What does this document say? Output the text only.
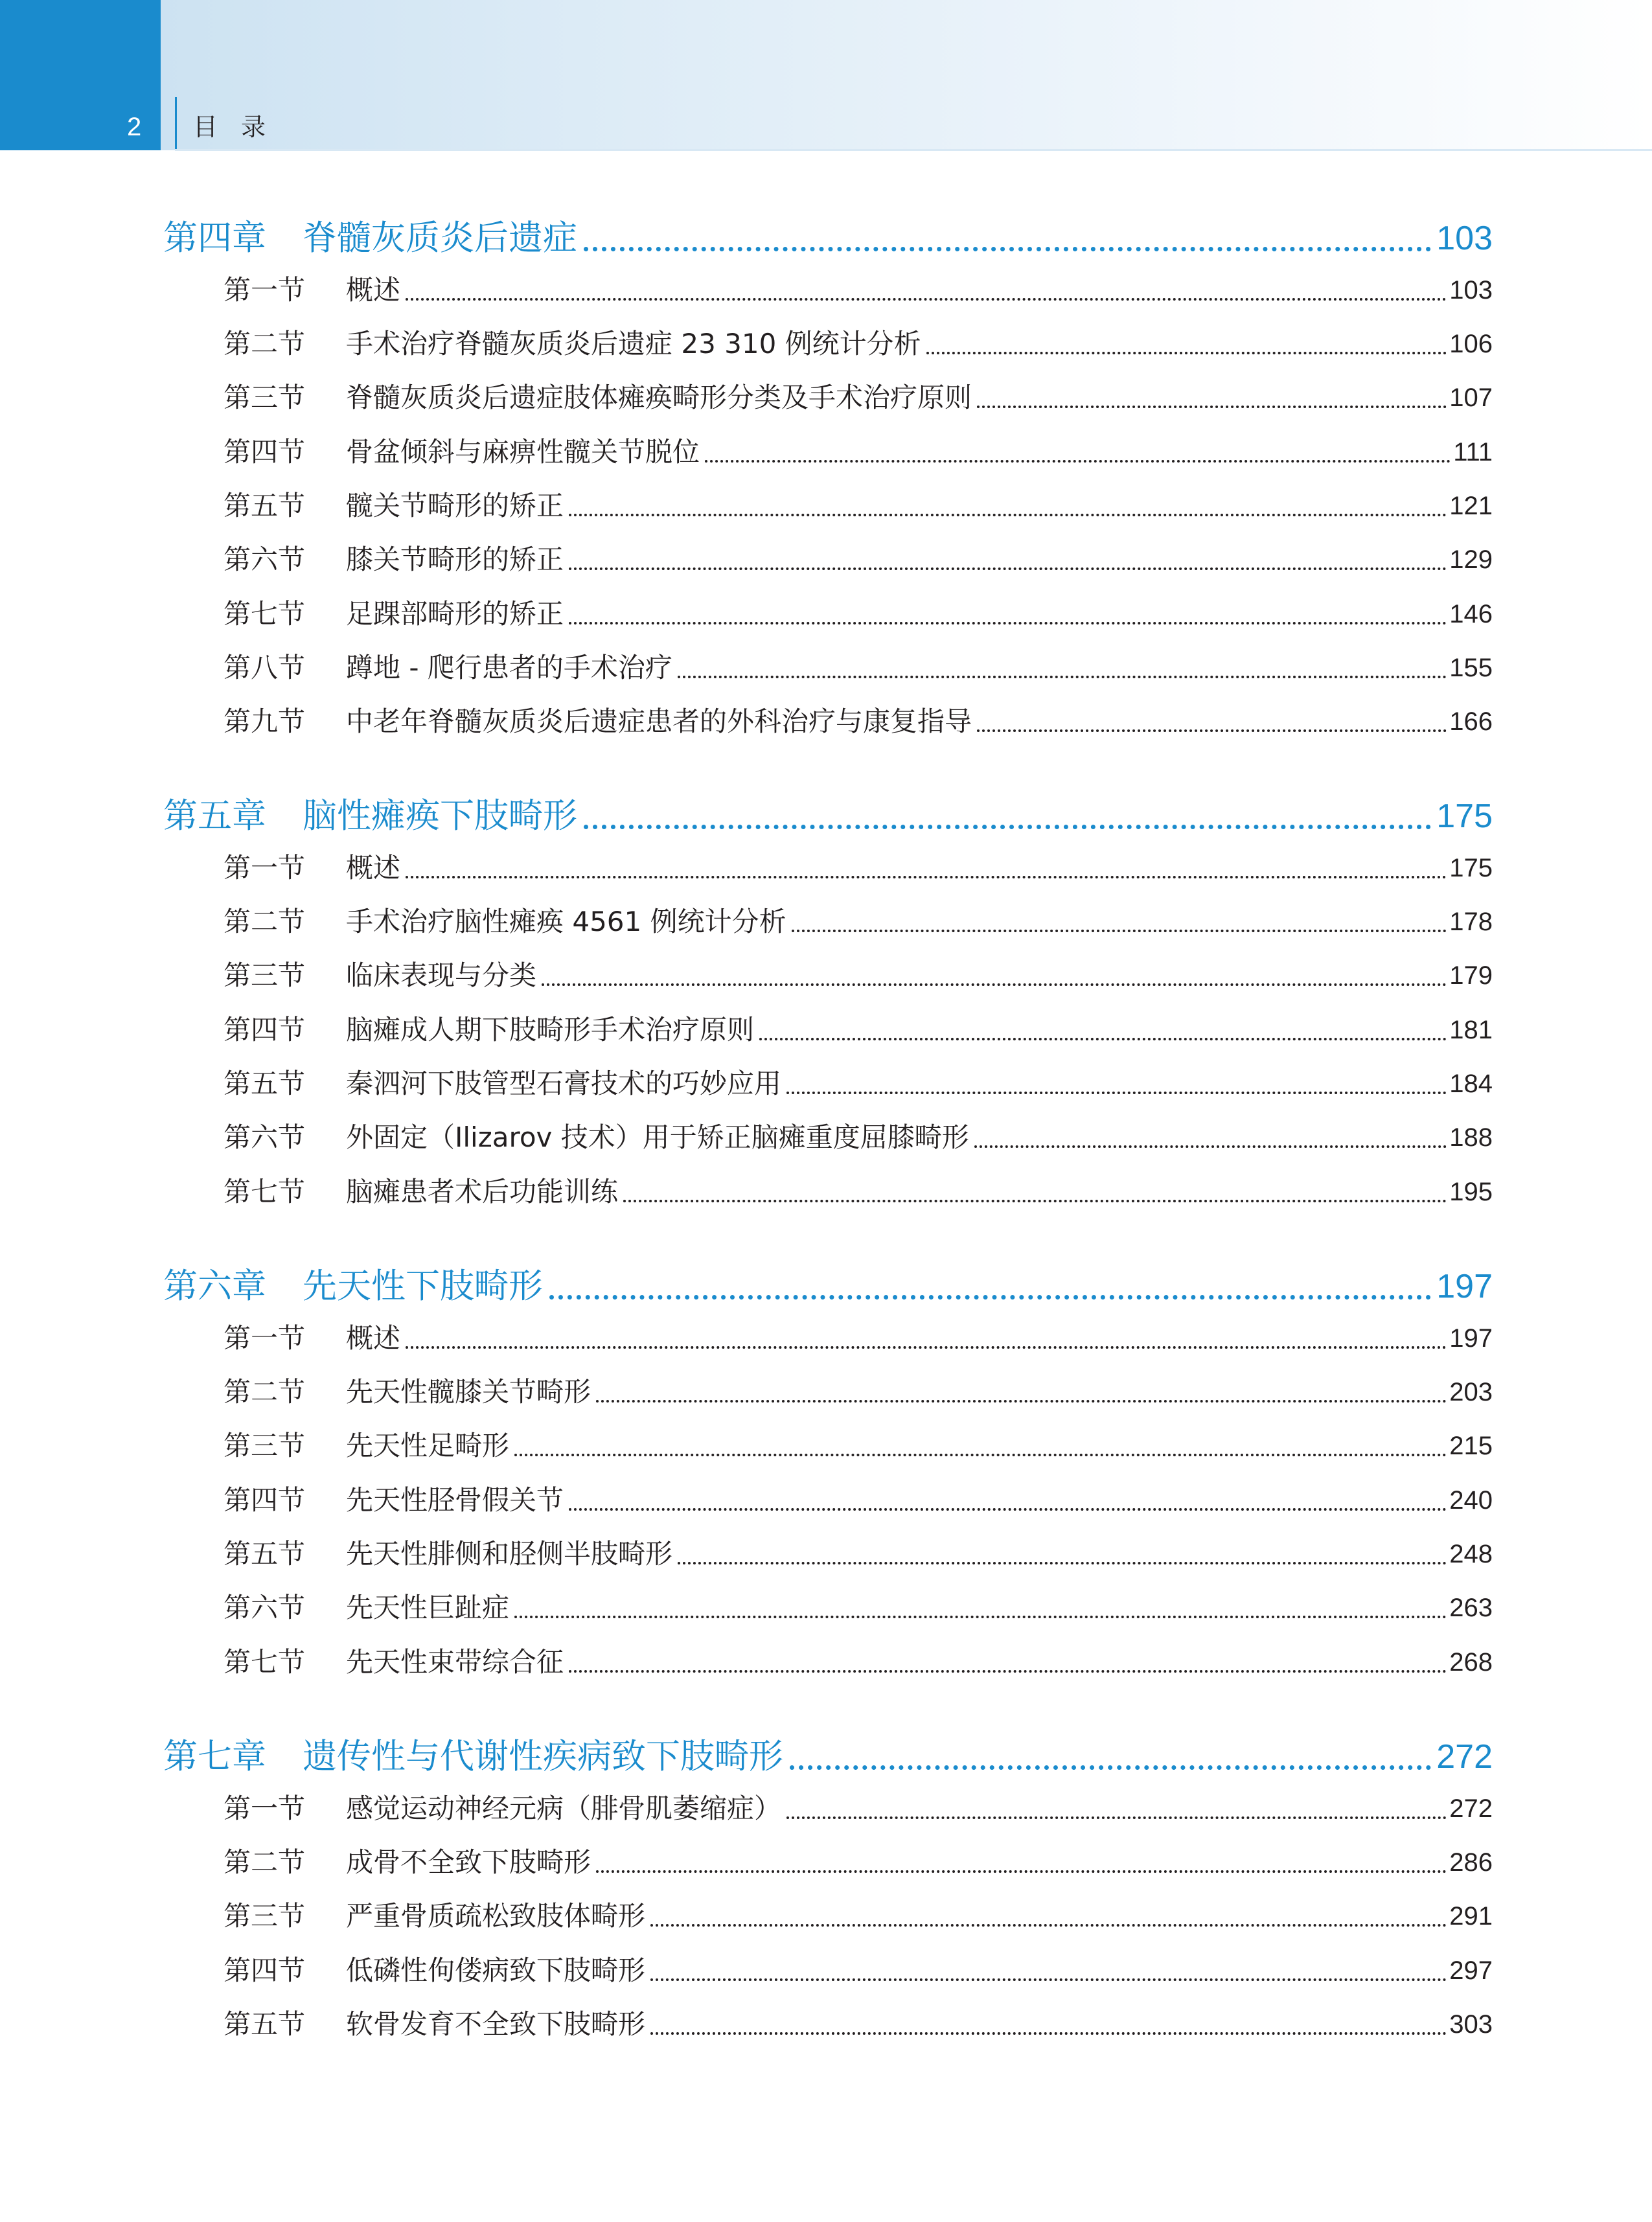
2 目录
第四章	脊髓灰质炎后遗症	103
第一节	概述	103
第二节	手术治疗脊髓灰质炎后遗症 23 310 例统计分析	106
第三节	脊髓灰质炎后遗症肢体瘫痪畸形分类及手术治疗原则	107
第四节	骨盆倾斜与麻痹性髋关节脱位	111
第五节	髋关节畸形的矫正	121
第六节	膝关节畸形的矫正	129
第七节	足踝部畸形的矫正	146
第八节	蹲地 - 爬行患者的手术治疗	155
第九节	中老年脊髓灰质炎后遗症患者的外科治疗与康复指导	166
第五章	脑性瘫痪下肢畸形	175
第一节	概述	175
第二节	手术治疗脑性瘫痪 4561 例统计分析	178
第三节	临床表现与分类	179
第四节	脑瘫成人期下肢畸形手术治疗原则	181
第五节	秦泗河下肢管型石膏技术的巧妙应用	184
第六节	外固定（Ilizarov 技术）用于矫正脑瘫重度屈膝畸形	188
第七节	脑瘫患者术后功能训练	195
第六章	先天性下肢畸形	197
第一节	概述	197
第二节	先天性髋膝关节畸形	203
第三节	先天性足畸形	215
第四节	先天性胫骨假关节	240
第五节	先天性腓侧和胫侧半肢畸形	248
第六节	先天性巨趾症	263
第七节	先天性束带综合征	268
第七章	遗传性与代谢性疾病致下肢畸形	272
第一节	感觉运动神经元病（腓骨肌萎缩症）	272
第二节	成骨不全致下肢畸形	286
第三节	严重骨质疏松致肢体畸形	291
第四节	低磷性佝偻病致下肢畸形	297
第五节	软骨发育不全致下肢畸形	303
